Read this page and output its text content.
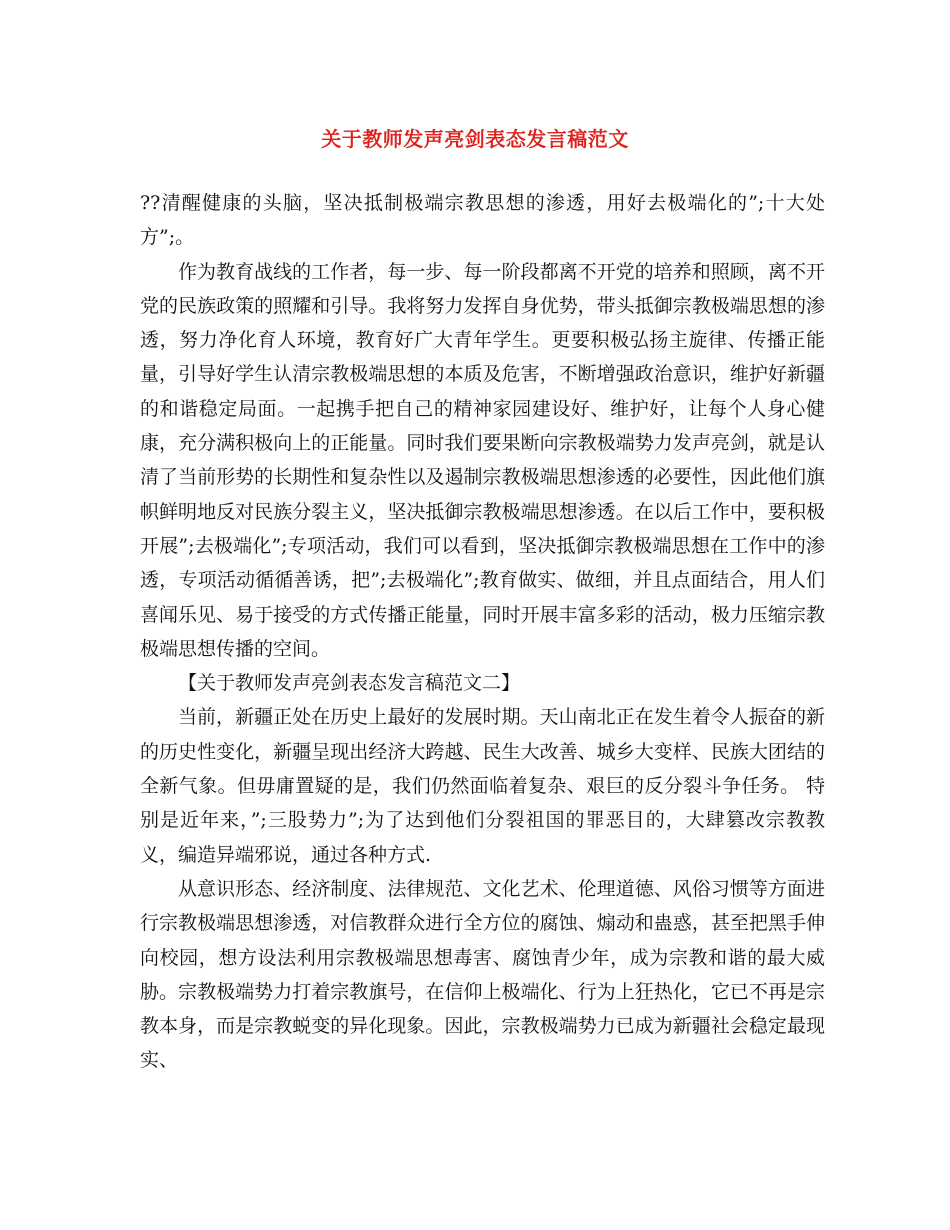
关于教师发声亮剑表态发言稿范文

??清醒健康的头脑，坚决抵制极端宗教思想的渗透，用好去极端化的”;十大处方”;。

作为教育战线的工作者，每一步、每一阶段都离不开党的培养和照顾，离不开党的民族政策的照耀和引导。我将努力发挥自身优势，带头抵御宗教极端思想的渗透，努力净化育人环境，教育好广大青年学生。更要积极弘扬主旋律、传播正能量，引导好学生认清宗教极端思想的本质及危害，不断增强政治意识，维护好新疆的和谐稳定局面。一起携手把自己的精神家园建设好、维护好，让每个人身心健康，充分满积极向上的正能量。同时我们要果断向宗教极端势力发声亮剑，就是认清了当前形势的长期性和复杂性以及遏制宗教极端思想渗透的必要性，因此他们旗帜鲜明地反对民族分裂主义，坚决抵御宗教极端思想渗透。在以后工作中，要积极开展”;去极端化”;专项活动，我们可以看到，坚决抵御宗教极端思想在工作中的渗透，专项活动循循善诱，把”;去极端化”;教育做实、做细，并且点面结合，用人们喜闻乐见、易于接受的方式传播正能量，同时开展丰富多彩的活动，极力压缩宗教极端思想传播的空间。

【关于教师发声亮剑表态发言稿范文二】

当前，新疆正处在历史上最好的发展时期。天山南北正在发生着令人振奋的新的历史性变化，新疆呈现出经济大跨越、民生大改善、城乡大变样、民族大团结的全新气象。但毋庸置疑的是，我们仍然面临着复杂、艰巨的反分裂斗争任务。 特别是近年来，”;三股势力”;为了达到他们分裂祖国的罪恶目的，大肆篡改宗教教义，编造异端邪说，通过各种方式.

从意识形态、经济制度、法律规范、文化艺术、伦理道德、风俗习惯等方面进行宗教极端思想渗透，对信教群众进行全方位的腐蚀、煽动和蛊惑，甚至把黑手伸向校园，想方设法利用宗教极端思想毒害、腐蚀青少年，成为宗教和谐的最大威胁。宗教极端势力打着宗教旗号，在信仰上极端化、行为上狂热化，它已不再是宗教本身，而是宗教蜕变的异化现象。因此，宗教极端势力已成为新疆社会稳定最现实、
